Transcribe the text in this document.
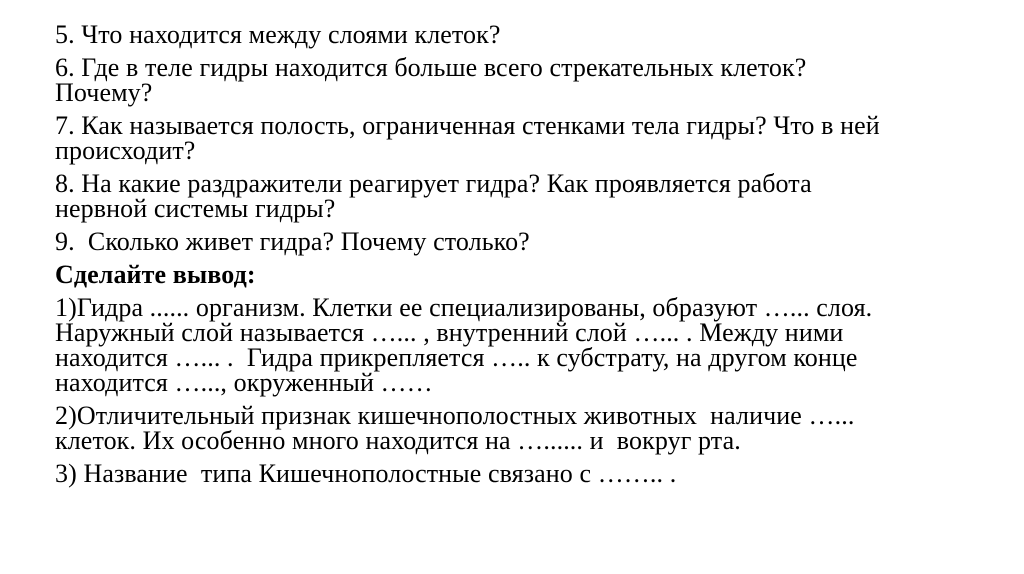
5. Что находится между слоями клеток?
6. Где в теле гидры находится больше всего стрекательных клеток?
Почему?
7. Как называется полость, ограниченная стенками тела гидры? Что в ней
происходит?
8. На какие раздражители реагирует гидра? Как проявляется работа
нервной системы гидры?
9.  Сколько живет гидра? Почему столько?
Сделайте вывод:
1)Гидра ...... организм. Клетки ее специализированы, образуют …... слоя.
Наружный слой называется …... , внутренний слой …... . Между ними
находится …... .  Гидра прикрепляется ….. к субстрату, на другом конце
находится …..., окруженный ……
2)Отличительный признак кишечнополостных животных  наличие …...
клеток. Их особенно много находится на …...... и  вокруг рта.
3) Название  типа Кишечнополостные связано с …….. .
